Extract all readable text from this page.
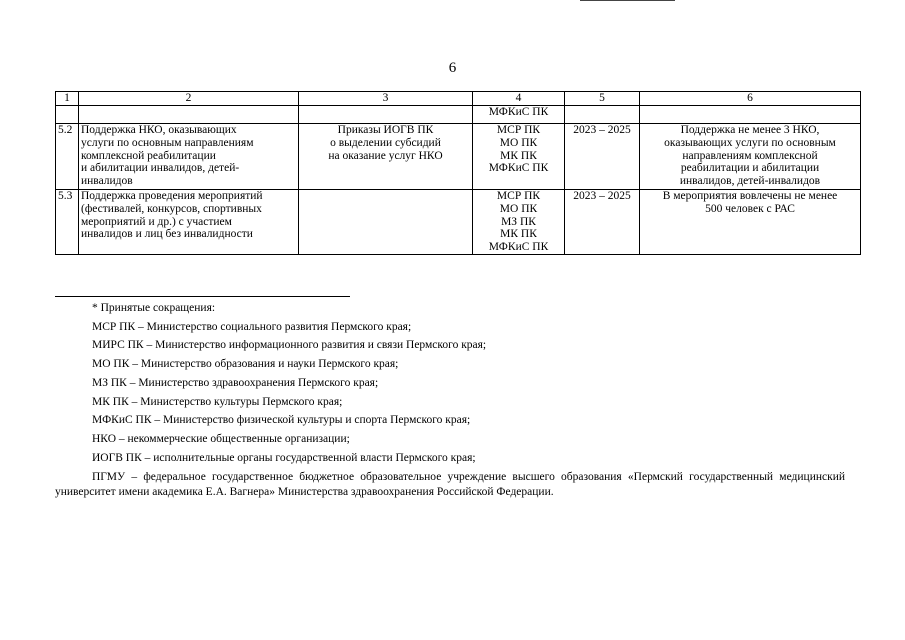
6
1	2	3	4	5	6
			МФКиС ПК		
5.2	Поддержка НКО, оказывающих
услуги по основным направлениям
комплексной реабилитации
и абилитации инвалидов, детей-
инвалидов	Приказы ИОГВ ПК
о выделении субсидий
на оказание услуг НКО	МСР ПК
МО ПК
МК ПК
МФКиС ПК	2023 – 2025	Поддержка не менее 3 НКО,
оказывающих услуги по основным
направлениям комплексной
реабилитации и абилитации
инвалидов, детей-инвалидов

5.3	Поддержка проведения мероприятий
(фестивалей, конкурсов, спортивных
мероприятий и др.) с участием
инвалидов и лиц без инвалидности		МСР ПК
МО ПК
МЗ ПК
МК ПК
МФКиС ПК	2023 – 2025	В мероприятия вовлечены не менее
500 человек с РАС
* Принятые сокращения:
МСР ПК – Министерство социального развития Пермского края;
МИРС ПК – Министерство информационного развития и связи Пермского края;
МО ПК – Министерство образования и науки Пермского края;
МЗ ПК – Министерство здравоохранения Пермского края;
МК ПК – Министерство культуры Пермского края;
МФКиС ПК – Министерство физической культуры и спорта Пермского края;
НКО – некоммерческие общественные организации;
ИОГВ ПК – исполнительные органы государственной власти Пермского края;
ПГМУ – федеральное государственное бюджетное образовательное учреждение высшего образования «Пермский государственный медицинский университет имени академика Е.А. Вагнера» Министерства здравоохранения Российской Федерации.
